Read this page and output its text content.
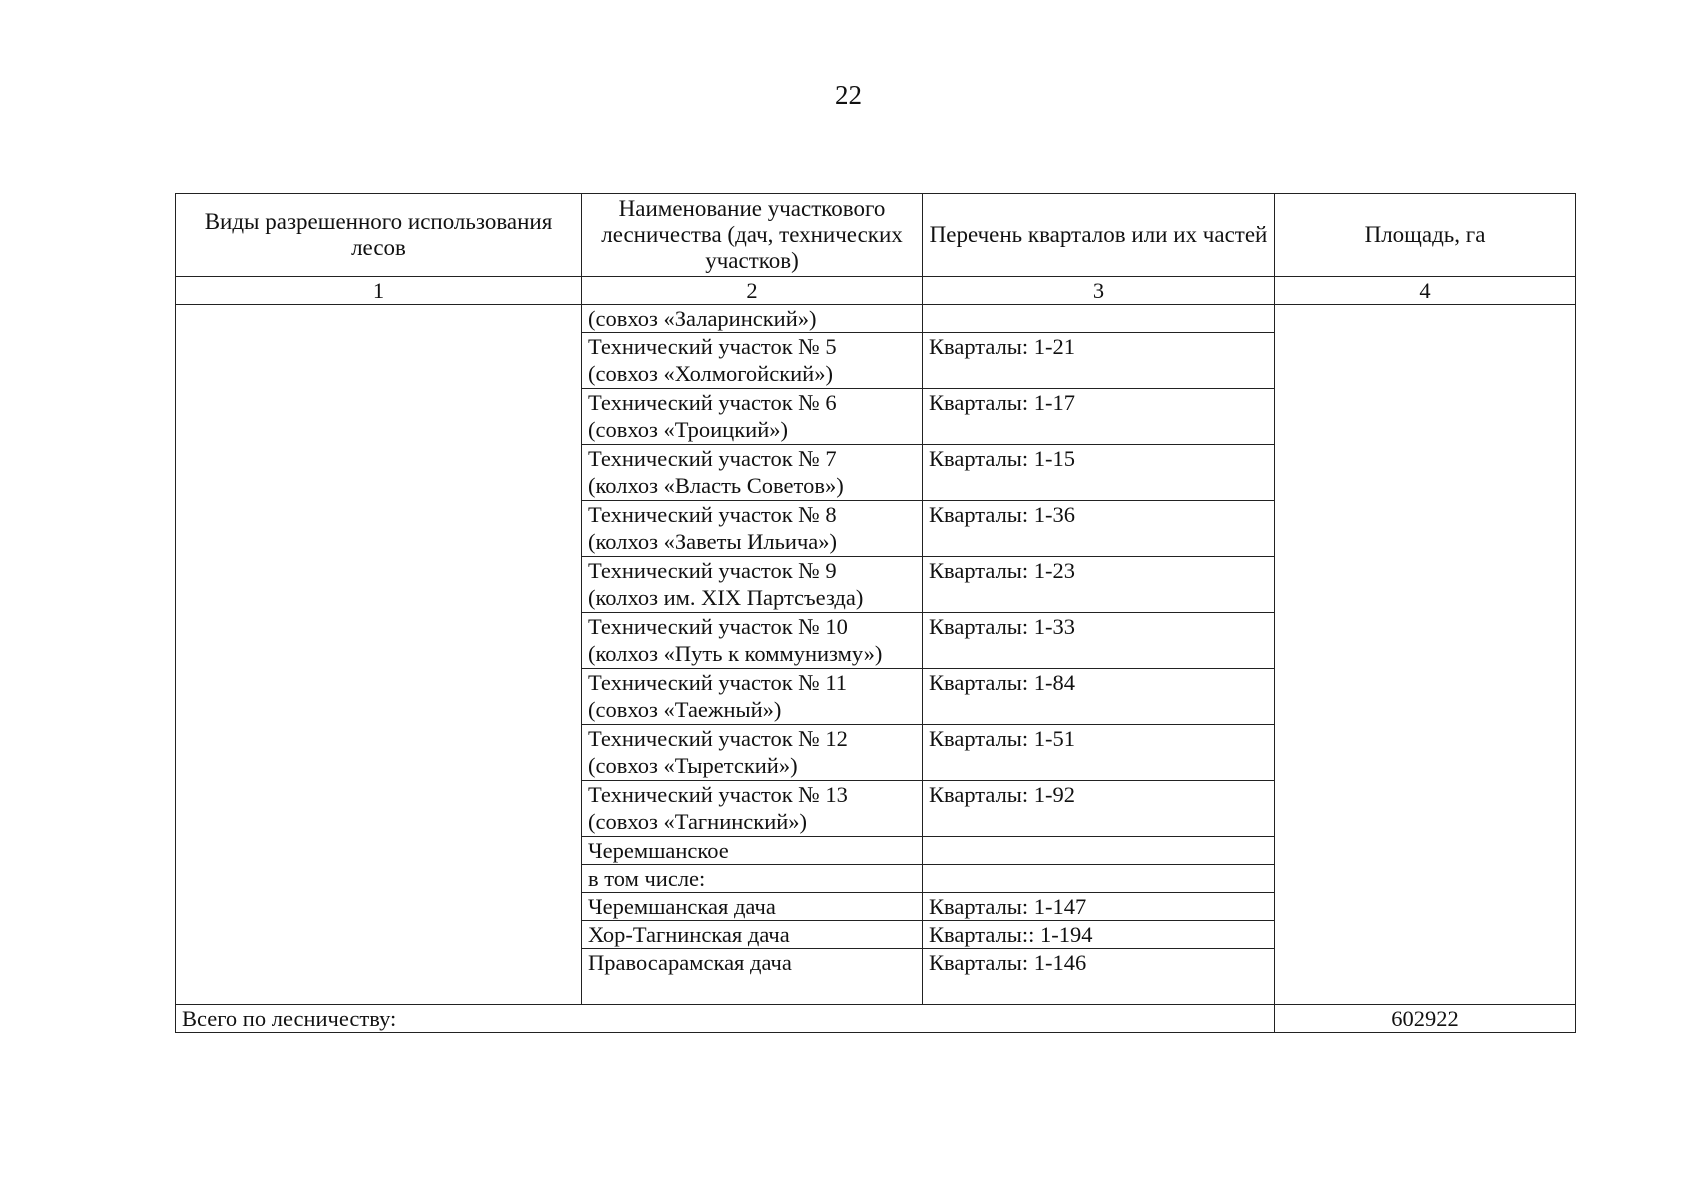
22
Виды разрешенного использования лесов	Наименование участкового лесничества (дач, технических участков)	Перечень кварталов или их частей	Площадь, га
1	2	3	4

	(совхоз «Заларинский»)		

	Технический участок № 5
(совхоз «Холмогойский»)	Кварталы: 1-21	

	Технический участок № 6
(совхоз «Троицкий»)	Кварталы: 1-17	

	Технический участок № 7
(колхоз «Власть Советов»)	Кварталы: 1-15	

	Технический участок № 8
(колхоз «Заветы Ильича»)	Кварталы: 1-36	

	Технический участок № 9
(колхоз им. XIX Партсъезда)	Кварталы: 1-23	

	Технический участок № 10
(колхоз «Путь к коммунизму»)	Кварталы: 1-33	

	Технический участок № 11
(совхоз «Таежный»)	Кварталы: 1-84	

	Технический участок № 12
(совхоз «Тыретский»)	Кварталы: 1-51	

	Технический участок № 13
(совхоз «Тагнинский»)	Кварталы: 1-92	

	Черемшанское		

	в том числе:		

	Черемшанская дача	Кварталы: 1-147	

	Хор-Тагнинская дача	Кварталы:: 1-194	

	Правосарамская дача	Кварталы: 1-146	
Всего по лесничеству:			602922
